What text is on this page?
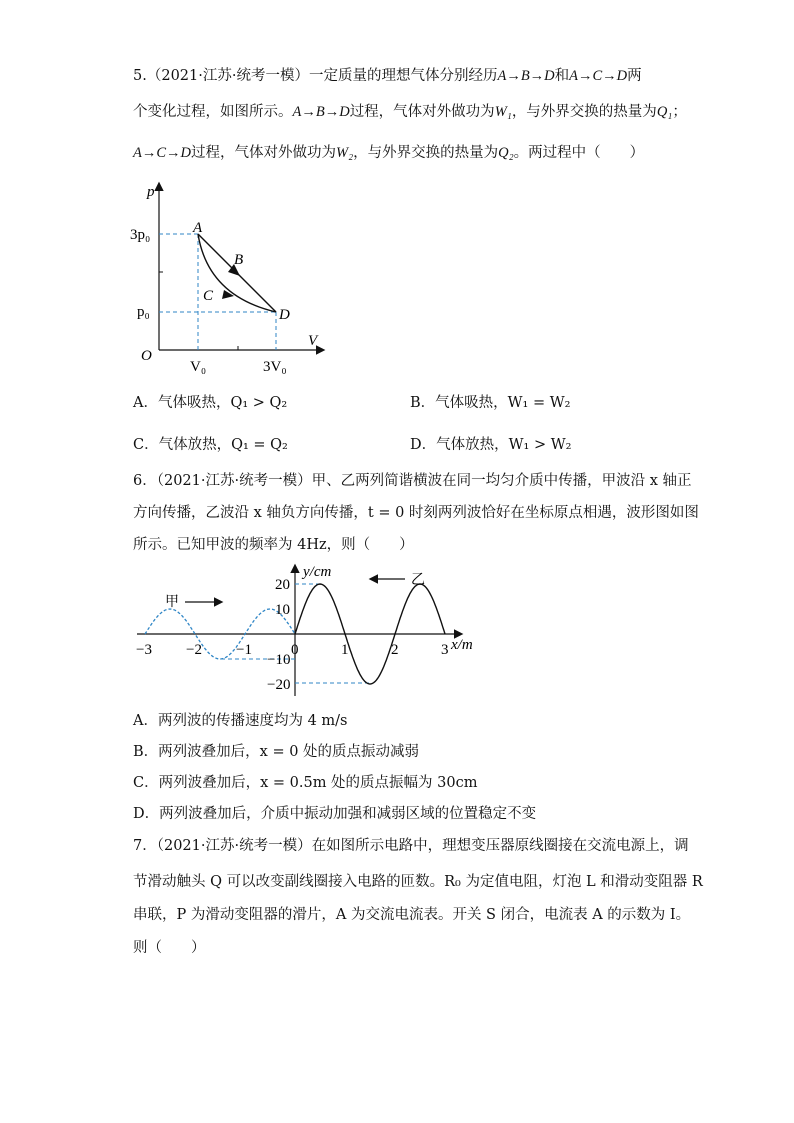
5.（2021·江苏·统考一模）一定质量的理想气体分别经历A→B→D和A→C→D两
个变化过程，如图所示。A→B→D过程，气体对外做功为W₁，与外界交换的热量为Q₁；
A→C→D过程，气体对外做功为W₂，与外界交换的热量为Q₂。两过程中（　　）
p
V
O
3p₀
p₀
V₀	3V₀
A
B
C
D
A．气体吸热，Q₁ > Q₂	B．气体吸热，W₁ = W₂
C．气体放热，Q₁ = Q₂	D．气体放热，W₁ > W₂
6．（2021·江苏·统考一模）甲、乙两列简谐横波在同一均匀介质中传播，甲波沿 x 轴正
方向传播，乙波沿 x 轴负方向传播，t = 0 时刻两列波恰好在坐标原点相遇，波形图如图
所示。已知甲波的频率为 4Hz，则（　　）
甲
乙
y/cm
x/m
−3 −2 −1	0	1	2	3
20
10
−10
−20
A．两列波的传播速度均为 4 m/s
B．两列波叠加后，x = 0 处的质点振动减弱
C．两列波叠加后，x = 0.5m 处的质点振幅为 30cm
D．两列波叠加后，介质中振动加强和减弱区域的位置稳定不变
7．（2021·江苏·统考一模）在如图所示电路中，理想变压器原线圈接在交流电源上，调
节滑动触头 Q 可以改变副线圈接入电路的匝数。R₀ 为定值电阻，灯泡 L 和滑动变阻器 R
串联，P 为滑动变阻器的滑片，A 为交流电流表。开关 S 闭合，电流表 A 的示数为 I。
则（　　）
